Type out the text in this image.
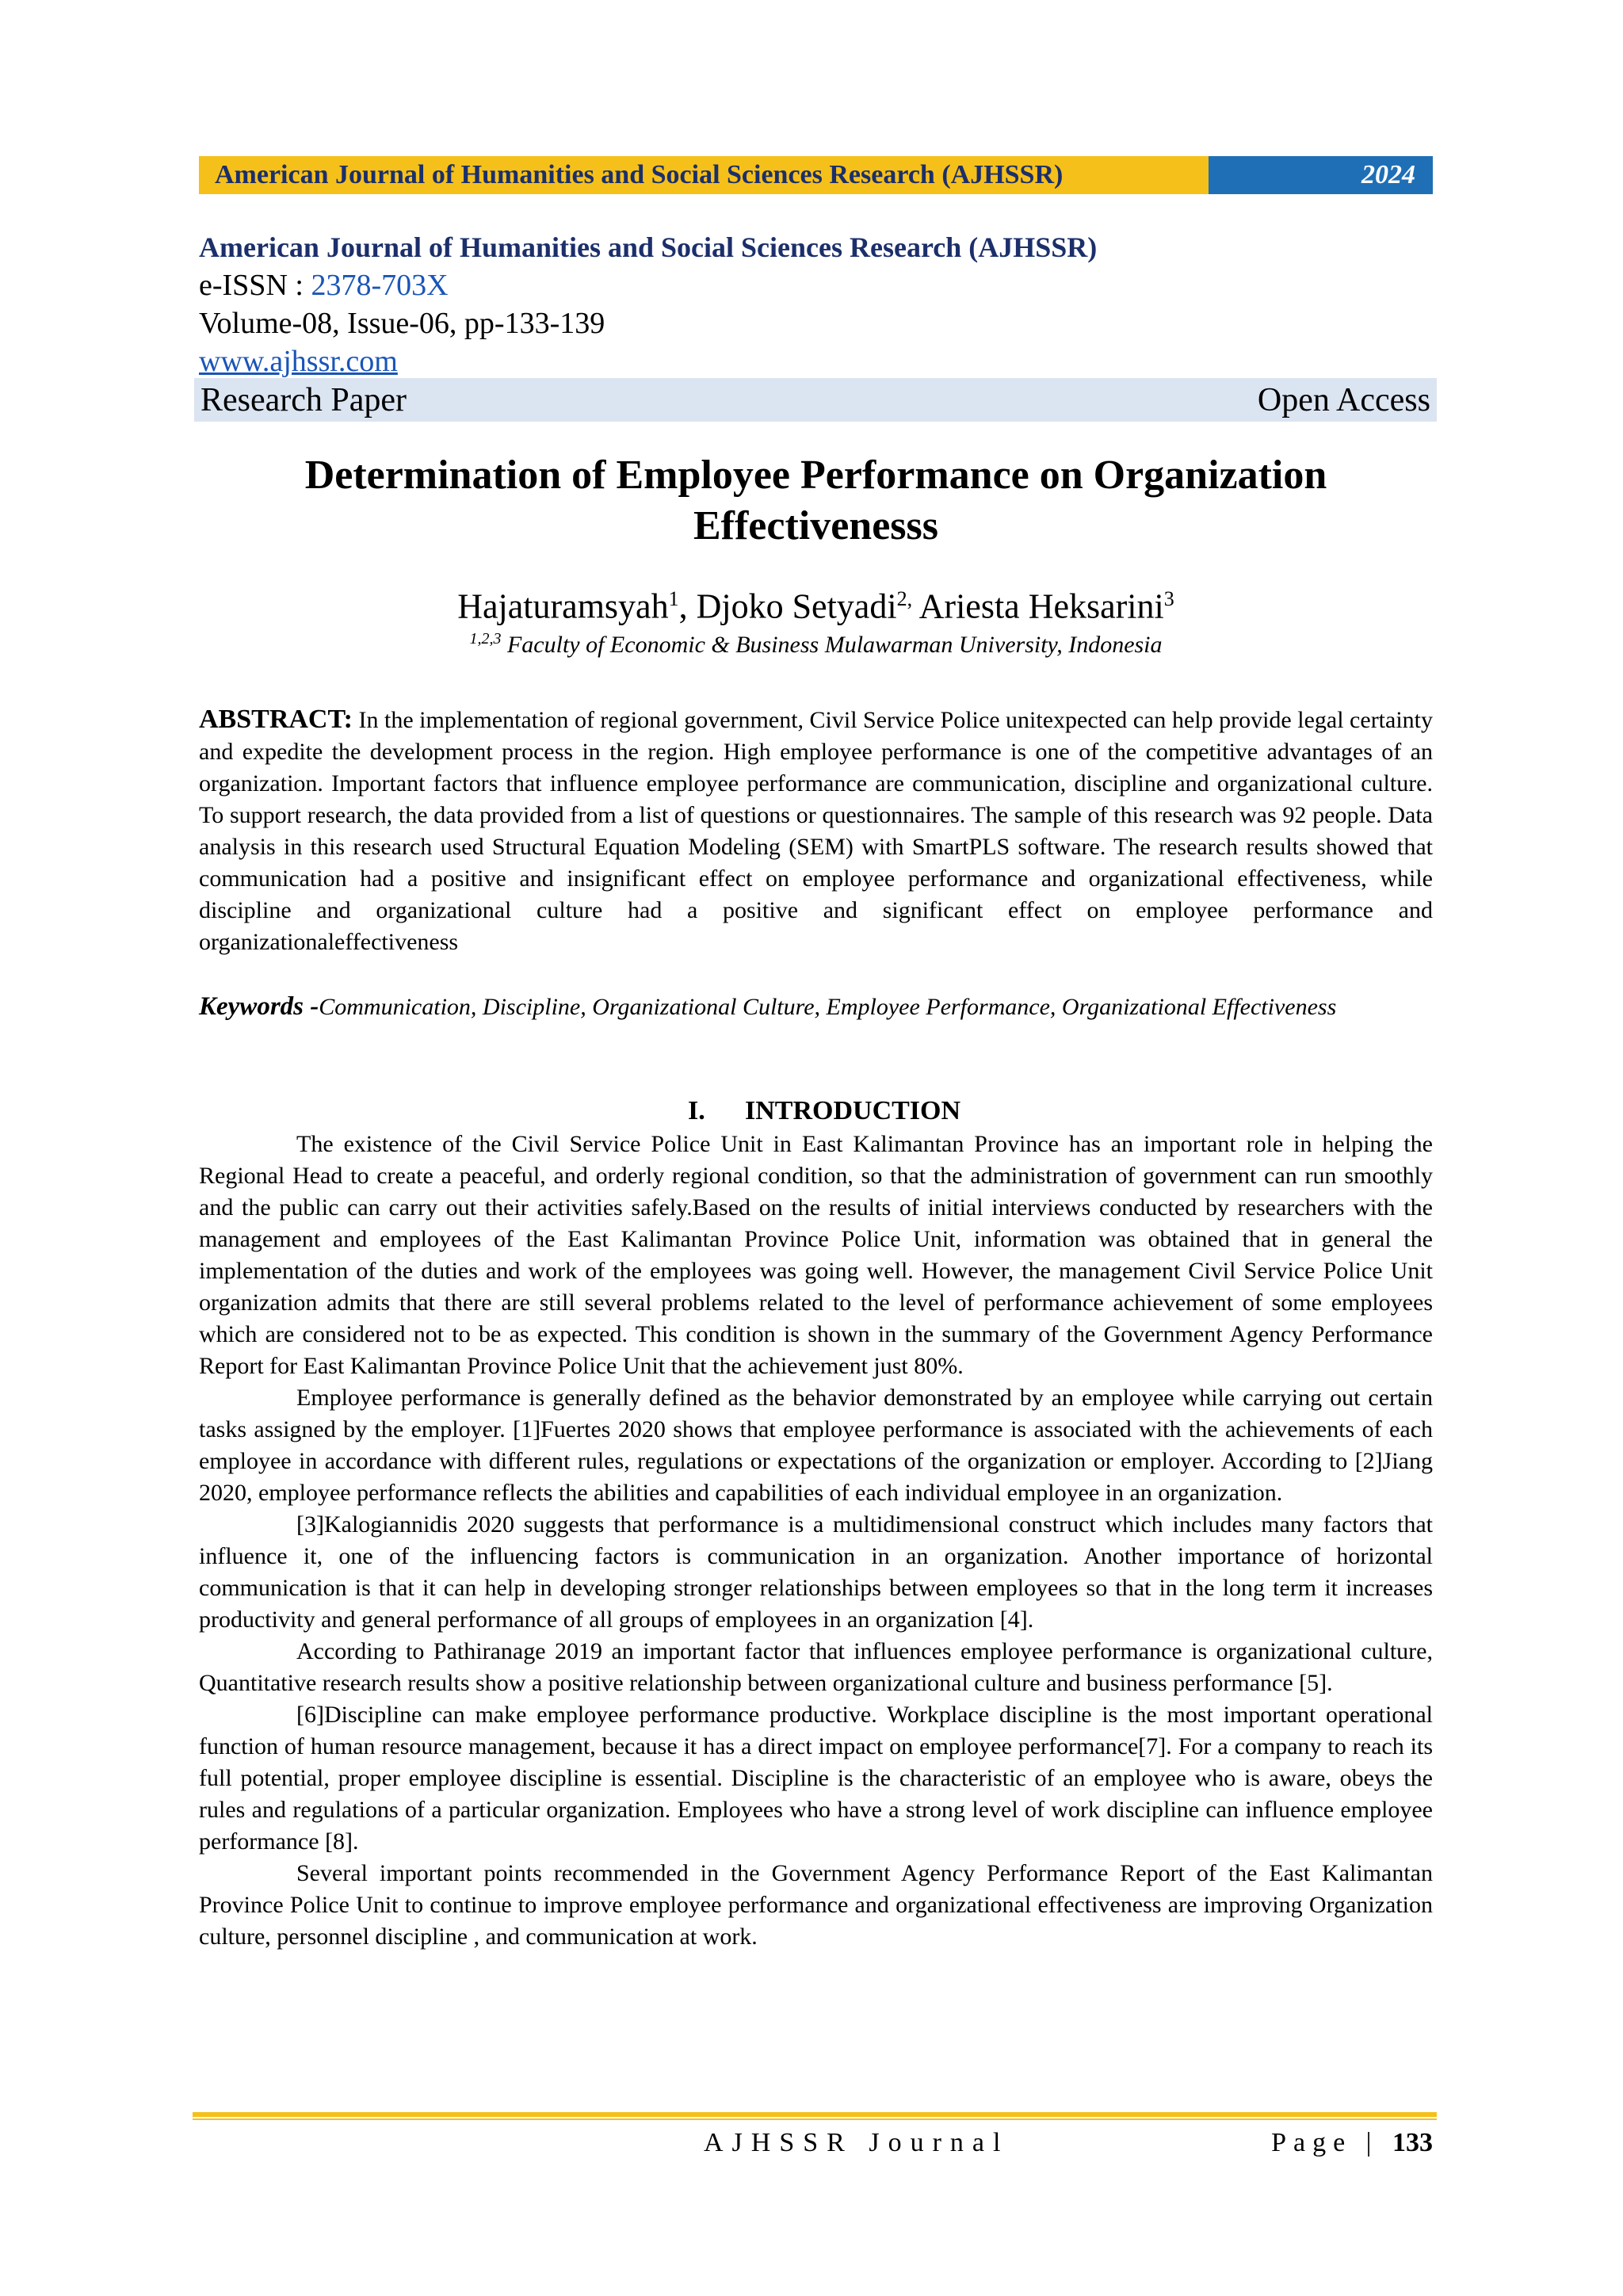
American Journal of Humanities and Social Sciences Research (AJHSSR)	2024
American Journal of Humanities and Social Sciences Research (AJHSSR)
e-ISSN : 2378-703X
Volume-08, Issue-06, pp-133-139
www.ajhssr.com
Research Paper	Open Access
Determination of Employee Performance on Organization Effectivenesss
Hajaturamsyah$^1$, Djoko Setyadi$^{2,}$ Ariesta Heksarini$^3$
$^{1,2,3}$ Faculty of Economic & Business Mulawarman University, Indonesia
ABSTRACT: In the implementation of regional government, Civil Service Police unitexpected can help provide legal certainty and expedite the development process in the region. High employee performance is one of the competitive advantages of an organization. Important factors that influence employee performance are communication, discipline and organizational culture. To support research, the data provided from a list of questions or questionnaires. The sample of this research was 92 people. Data analysis in this research used Structural Equation Modeling (SEM) with SmartPLS software. The research results showed that communication had a positive and insignificant effect on employee performance and organizational effectiveness, while discipline and organizational culture had a positive and significant effect on employee performance and organizationaleffectiveness
Keywords -Communication, Discipline, Organizational Culture, Employee Performance, Organizational Effectiveness
I. INTRODUCTION

The existence of the Civil Service Police Unit in East Kalimantan Province has an important role in helping the Regional Head to create a peaceful, and orderly regional condition, so that the administration of government can run smoothly and the public can carry out their activities safely.Based on the results of initial interviews conducted by researchers with the management and employees of the East Kalimantan Province Police Unit, information was obtained that in general the implementation of the duties and work of the employees was going well. However, the management Civil Service Police Unit organization admits that there are still several problems related to the level of performance achievement of some employees which are considered not to be as expected. This condition is shown in the summary of the Government Agency Performance Report for East Kalimantan Province Police Unit that the achievement just 80%.

Employee performance is generally defined as the behavior demonstrated by an employee while carrying out certain tasks assigned by the employer. [1]Fuertes 2020 shows that employee performance is associated with the achievements of each employee in accordance with different rules, regulations or expectations of the organization or employer. According to [2]Jiang 2020, employee performance reflects the abilities and capabilities of each individual employee in an organization.

[3]Kalogiannidis 2020 suggests that performance is a multidimensional construct which includes many factors that influence it, one of the influencing factors is communication in an organization. Another importance of horizontal communication is that it can help in developing stronger relationships between employees so that in the long term it increases productivity and general performance of all groups of employees in an organization [4].

According to Pathiranage 2019 an important factor that influences employee performance is organizational culture, Quantitative research results show a positive relationship between organizational culture and business performance [5].

[6]Discipline can make employee performance productive. Workplace discipline is the most important operational function of human resource management, because it has a direct impact on employee performance[7]. For a company to reach its full potential, proper employee discipline is essential. Discipline is the characteristic of an employee who is aware, obeys the rules and regulations of a particular organization. Employees who have a strong level of work discipline can influence employee performance [8].

Several important points recommended in the Government Agency Performance Report of the East Kalimantan Province Police Unit to continue to improve employee performance and organizational effectiveness are improving Organization culture, personnel discipline , and communication at work.

AJHSSR Journal	Page | 133
